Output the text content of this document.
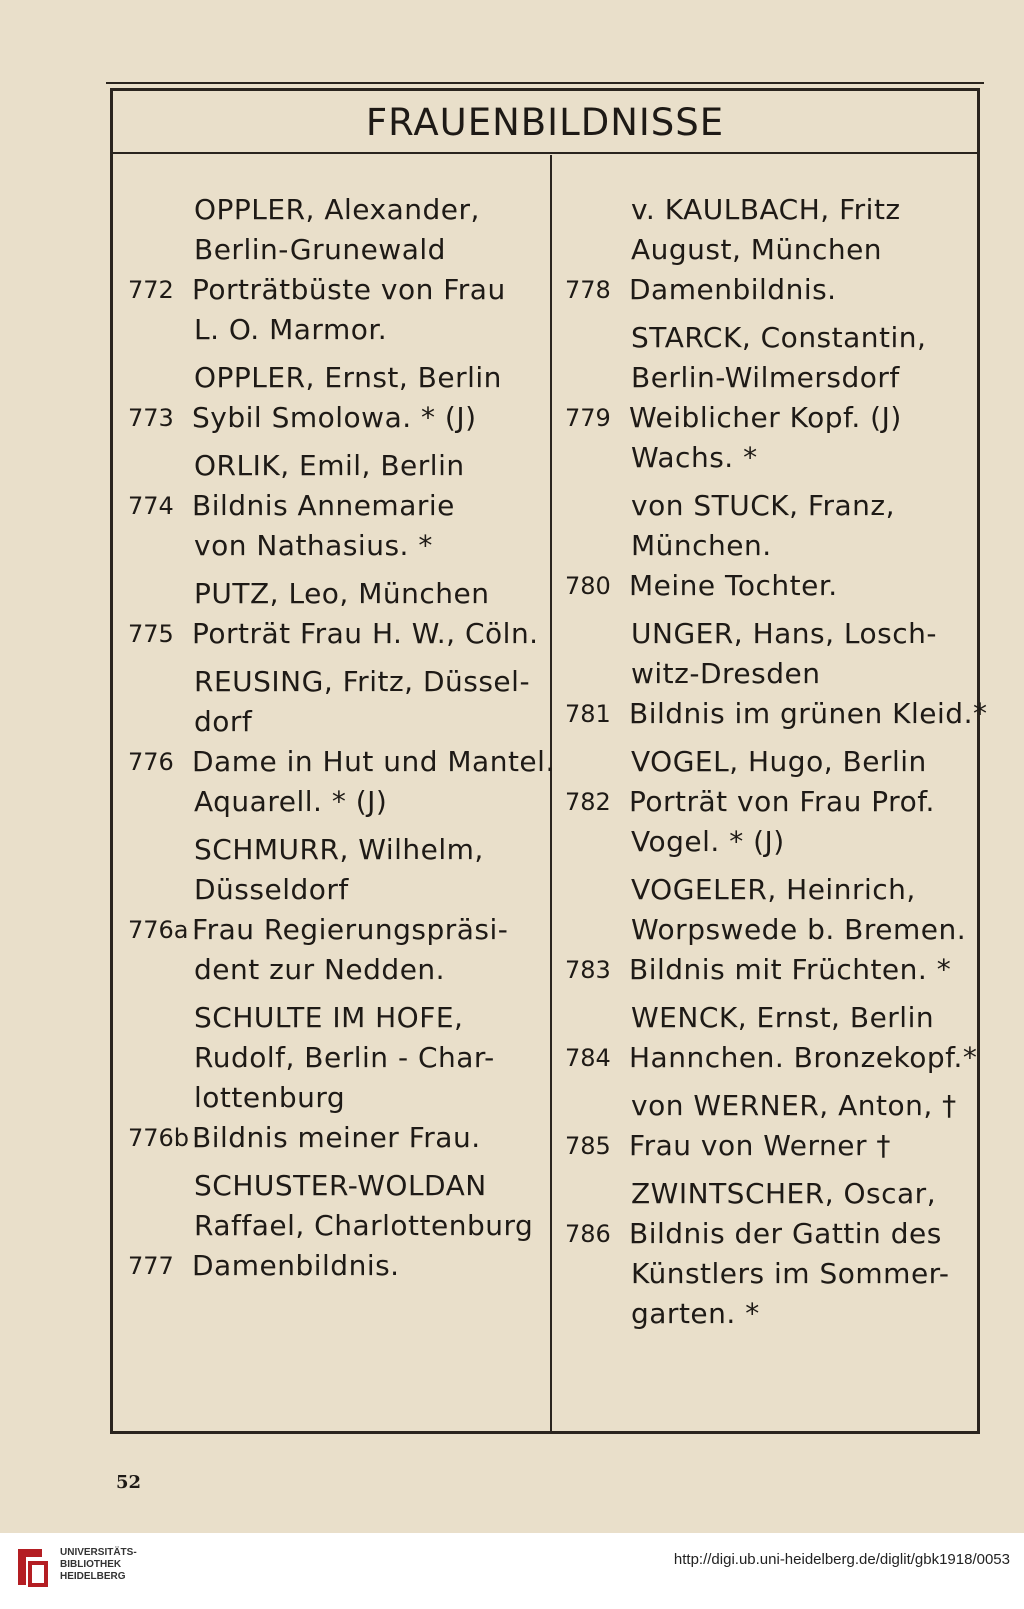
FRAUENBILDNISSE
OPPLER, Alexander,
Berlin-Grunewald
772 Porträtbüste von Frau
L. O. Marmor.
OPPLER, Ernst, Berlin
773 Sybil Smolowa. * (J)
ORLIK, Emil, Berlin
774 Bildnis Annemarie
von Nathasius. *
PUTZ, Leo, München
775 Porträt Frau H. W., Cöln.
REUSING, Fritz, Düssel-
dorf
776 Dame in Hut und Mantel.
Aquarell. * (J)
SCHMURR, Wilhelm,
Düsseldorf
776a Frau Regierungspräsi-
dent zur Nedden.
SCHULTE IM HOFE,
Rudolf, Berlin - Char-
lottenburg
776b Bildnis meiner Frau.
SCHUSTER-WOLDAN
Raffael, Charlottenburg
777 Damenbildnis.
v. KAULBACH, Fritz
August, München
778 Damenbildnis.
STARCK, Constantin,
Berlin-Wilmersdorf
779 Weiblicher Kopf. (J)
Wachs. *
von STUCK, Franz,
München.
780 Meine Tochter.
UNGER, Hans, Losch-
witz-Dresden
781 Bildnis im grünen Kleid.*
VOGEL, Hugo, Berlin
782 Porträt von Frau Prof.
Vogel. * (J)
VOGELER, Heinrich,
Worpswede b. Bremen.
783 Bildnis mit Früchten. *
WENCK, Ernst, Berlin
784 Hannchen. Bronzekopf.*
von WERNER, Anton, †
785 Frau von Werner †
ZWINTSCHER, Oscar,
786 Bildnis der Gattin des
Künstlers im Sommer-
garten. *
52
UNIVERSITÄTS-
BIBLIOTHEK
HEIDELBERG
http://digi.ub.uni-heidelberg.de/diglit/gbk1918/0053
